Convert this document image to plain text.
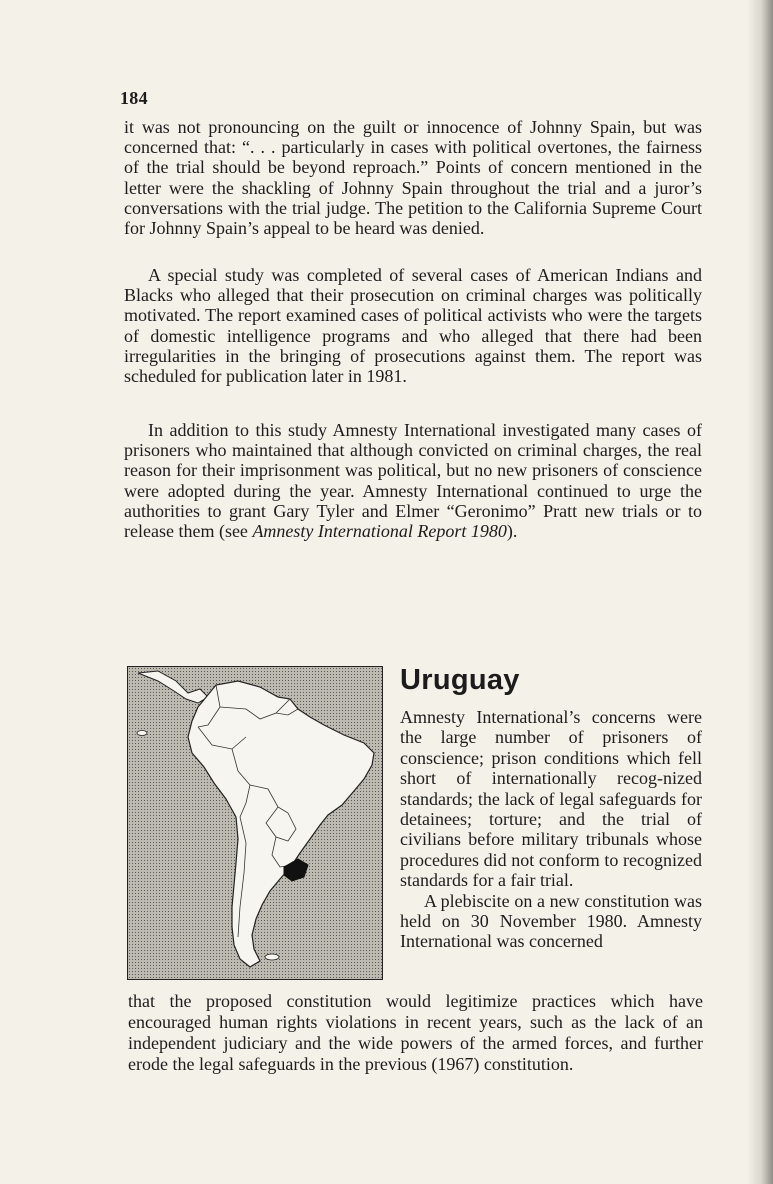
184

it was not pronouncing on the guilt or innocence of Johnny Spain, but was concerned that: “. . . particularly in cases with political overtones, the fairness of the trial should be beyond reproach.” Points of concern mentioned in the letter were the shackling of Johnny Spain throughout the trial and a juror’s conversations with the trial judge. The petition to the California Supreme Court for Johnny Spain’s appeal to be heard was denied.

A special study was completed of several cases of American Indians and Blacks who alleged that their prosecution on criminal charges was politically motivated. The report examined cases of political activists who were the targets of domestic intelligence programs and who alleged that there had been irregularities in the bringing of prosecutions against them. The report was scheduled for publication later in 1981.

In addition to this study Amnesty International investigated many cases of prisoners who maintained that although convicted on criminal charges, the real reason for their imprisonment was political, but no new prisoners of conscience were adopted during the year. Amnesty International continued to urge the authorities to grant Gary Tyler and Elmer “Geronimo” Pratt new trials or to release them (see Amnesty International Report 1980).

Uruguay

Amnesty International’s concerns were the large number of prisoners of conscience; prison conditions which fell short of internationally recog-nized standards; the lack of legal safeguards for detainees; torture; and the trial of civilians before military tribunals whose procedures did not conform to recognized standards for a fair trial.

A plebiscite on a new constitution was held on 30 November 1980. Amnesty International was concerned

that the proposed constitution would legitimize practices which have encouraged human rights violations in recent years, such as the lack of an independent judiciary and the wide powers of the armed forces, and further erode the legal safeguards in the previous (1967) constitution.
